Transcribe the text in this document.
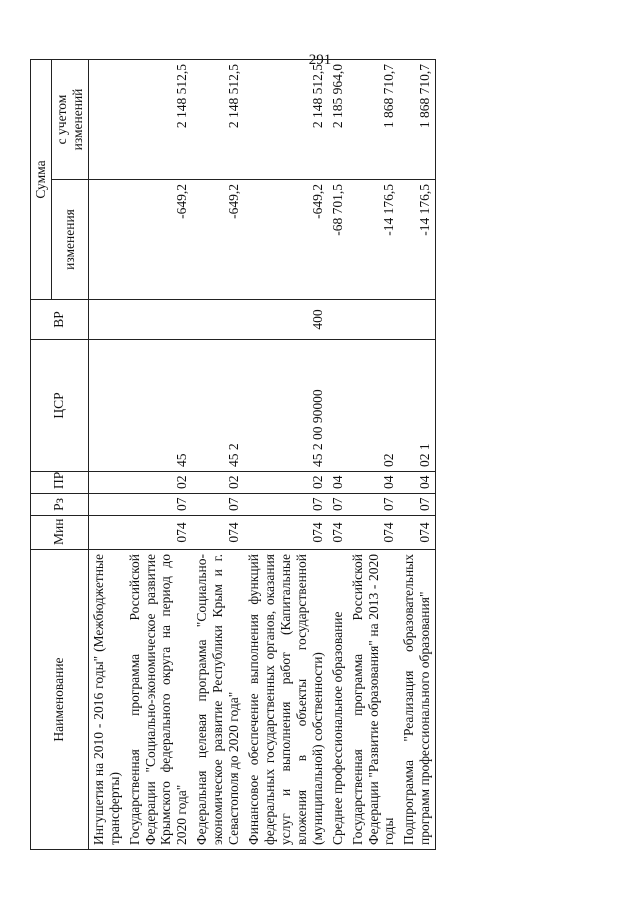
291
Наименование	Мин	Рз	ПР	ЦСР	ВР	Сумма	
						изменения	с учетом изменений
Ингушетия на 2010 - 2016 годы" (Межбюджетные трансферты)							
Государственная программа Российской Федерации "Социально-экономическое развитие Крымского федерального округа на период до 2020 года"	074	07	02	45		-649,2	2 148 512,5
Федеральная целевая программа "Социально-экономическое развитие Республики Крым и г. Севастополя до 2020 года"	074	07	02	45 2		-649,2	2 148 512,5
Финансовое обеспечение выполнения функций федеральных государственных органов, оказания услуг и выполнения работ (Капитальные вложения в объекты государственной (муниципальной) собственности)	074	07	02	45 2 00 90000	400	-649,2	2 148 512,5
Среднее профессиональное образование	074	07	04			-68 701,5	2 185 964,0
Государственная программа Российской Федерации "Развитие образования" на 2013 - 2020 годы	074	07	04	02		-14 176,5	1 868 710,7
Подпрограмма "Реализация образовательных программ профессионального образования"	074	07	04	02 1		-14 176,5	1 868 710,7
